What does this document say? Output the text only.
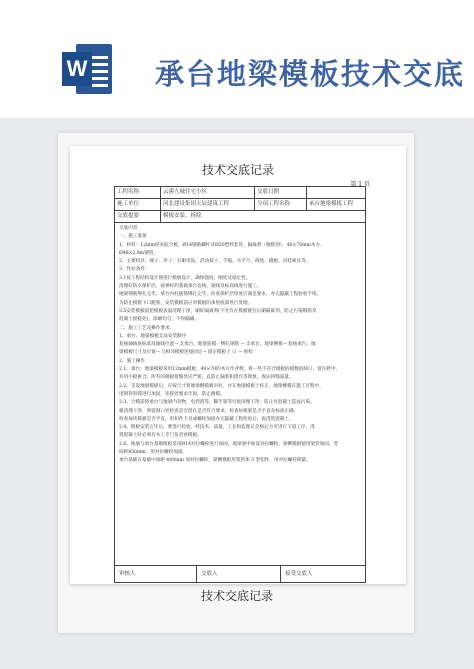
W 承台地梁模板技术交底
技术交底记录
第 1 页
工程名称	云溪九城住宅小区	交底日期
施工单位	河北建设集团天辰建筑工程	分项工程名称	承台地梁模板工程
交底提要	模板安装、拆除

交底内容：

一、施工准备

1、材料：12mm厚木胶合板、Ø14钢筋螺杆及Ø20塑料套管、隔离剂（脱模剂），40×70mm木方、

Ø48×2.8m钢管。

2、主要机具：锤子、斧子、打眼电钻、活动扳子、手锯、水平尺、线坠、撬棍、吊装索具等。

3、作业条件：

3.1按工程结构设计图进行模板设计，确保强度、刚度及稳定性。

清理好防水保护层，按弹好的基础承台边线，梁线及标高线进行施工。

地梁钢筋绑扎完毕，承台内柱插筋绑扎完毕，检查保护层厚度应满足要求，办完隐蔽工程验收手续。

为防止模板下口跑浆，安装模板前应对模板的承垫底部进行处理。

3.5安装模板前把模板表面清理干净，刷好隔离剂(不允许在模板就位后刷隔离剂，防止污染钢筋及

混凝土接槎处)，涂刷均匀，不得漏刷。

二、施工工艺及操作要求：

1、承台、地梁模板支法安装顺序

复核轴线底标高及轴线位置→ 支承台、地梁底模一绑扎钢筋 → 支承台、地梁侧模→ 复核承台、地

梁模板尺寸及位置→ 与相邻模板连接固定→ 固定模板上 口 → 预检

2、施工操作

2.1、承台、地梁模板采用12mm模板，40×70的木方作背楞，将一些不符合模板的模数的缺口，留在跨中，

并用小板拼合。所有的模板接缝处应严密，以防止漏浆和错台等现象，保证拼缝质量。

2.2、支设地梁模板后，应按尺寸将地梁侧模板对拉，并在地梁模板上校正，地梁侧模在施工过程中，

用钢管斜撑进行加固，连接处要求牢固，防止跑模。

2.3、合模前将承台与地梁内杂物，电焊渣等，脚手架等垃圾清理干净，防止对混凝土造成污染。

板清理干净，预留洞口处检查是否留孔是否符合要求。检查每根梁是否平直及标高正确，

检查每块模板是否平直，用扣件卡具或螺栓加固办完隐蔽工程检验后，再浇筑混凝土。

2.4、模板安装完毕后，要进行检验，经技术、质量、工长和监理认会格后方可进行下道工序，浇

筑混凝土时必须有木工专门负责看模板。

2.6、地梁与承台基础模板采用Ø14对拉螺栓进行加固，地梁梁中加设对拉螺栓，梁侧模板使用架管加固，竖

间距450mm；用对拉螺栓加固。

承台基础在基础中间距 600mm 加对拉螺栓，梁侧模板用架管加 3 型扣件，用对拉螺栓锁紧。

审核人	交底人	接受交底人
技术交底记录
